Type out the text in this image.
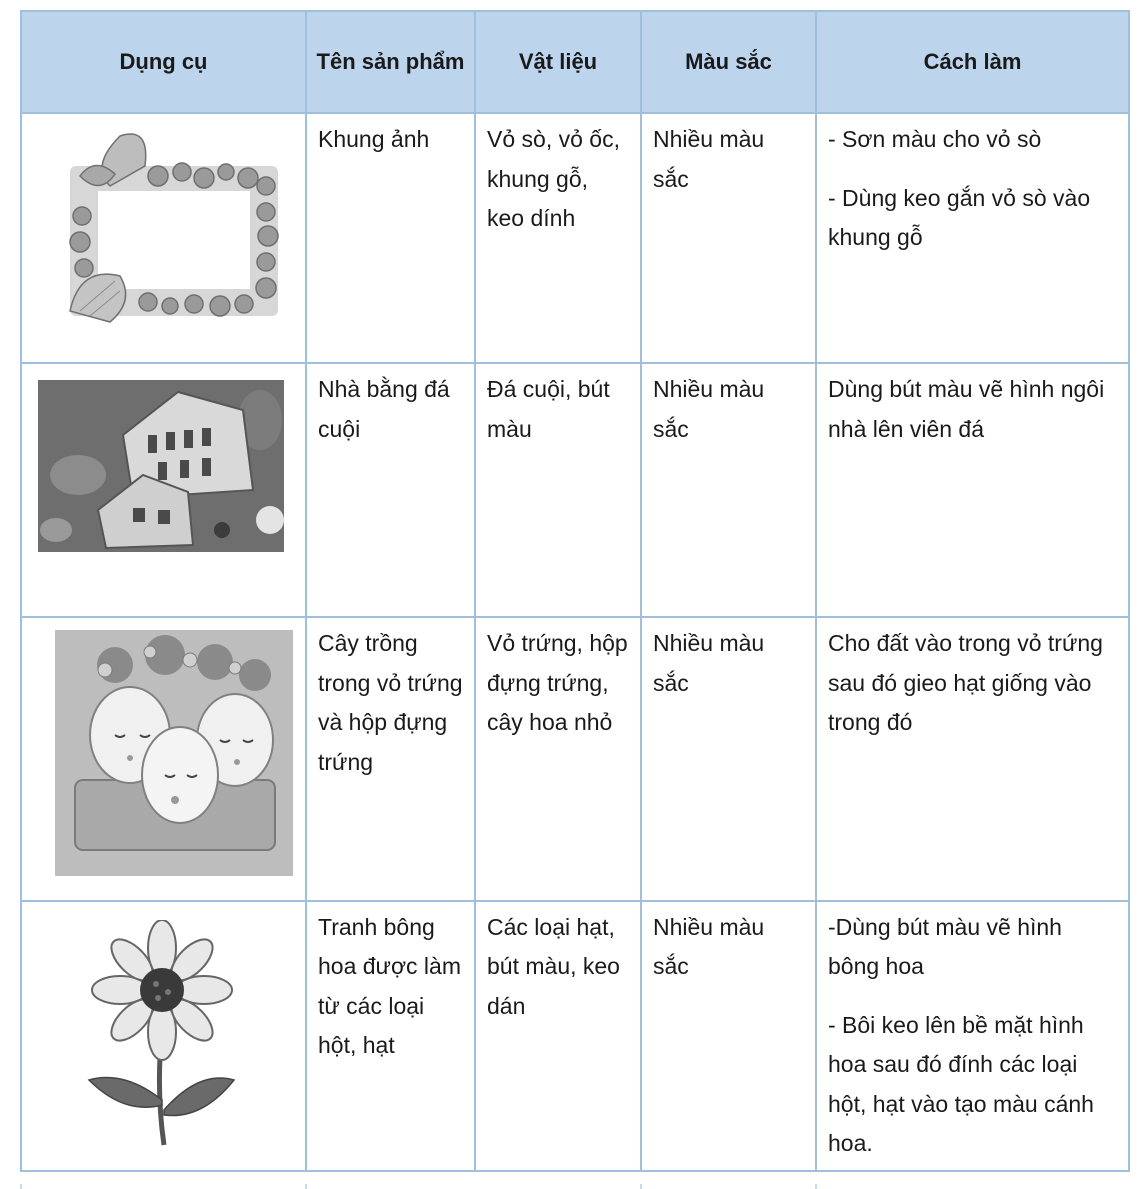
Dụng cụ	Tên sản phẩm	Vật liệu	Màu sắc	Cách làm

	Khung ảnh	Vỏ sò, vỏ ốc, khung gỗ, keo dính	Nhiều màu sắc	- Sơn màu cho vỏ sò

- Dùng keo gắn vỏ sò vào khung gỗ

	Nhà bằng đá cuội	Đá cuội, bút màu	Nhiều màu sắc	Dùng bút màu vẽ hình ngôi nhà lên viên đá

	Cây trồng trong vỏ trứng và hộp đựng trứng	Vỏ trứng, hộp đựng trứng, cây hoa nhỏ	Nhiều màu sắc	Cho đất vào trong vỏ trứng sau đó gieo hạt giống vào trong đó

	Tranh bông hoa được làm từ các loại hột, hạt	Các loại hạt, bút màu, keo dán	Nhiều màu sắc	-Dùng bút màu vẽ hình bông hoa

- Bôi keo lên bề mặt hình hoa sau đó đính các loại hột, hạt vào tạo màu cánh hoa.
